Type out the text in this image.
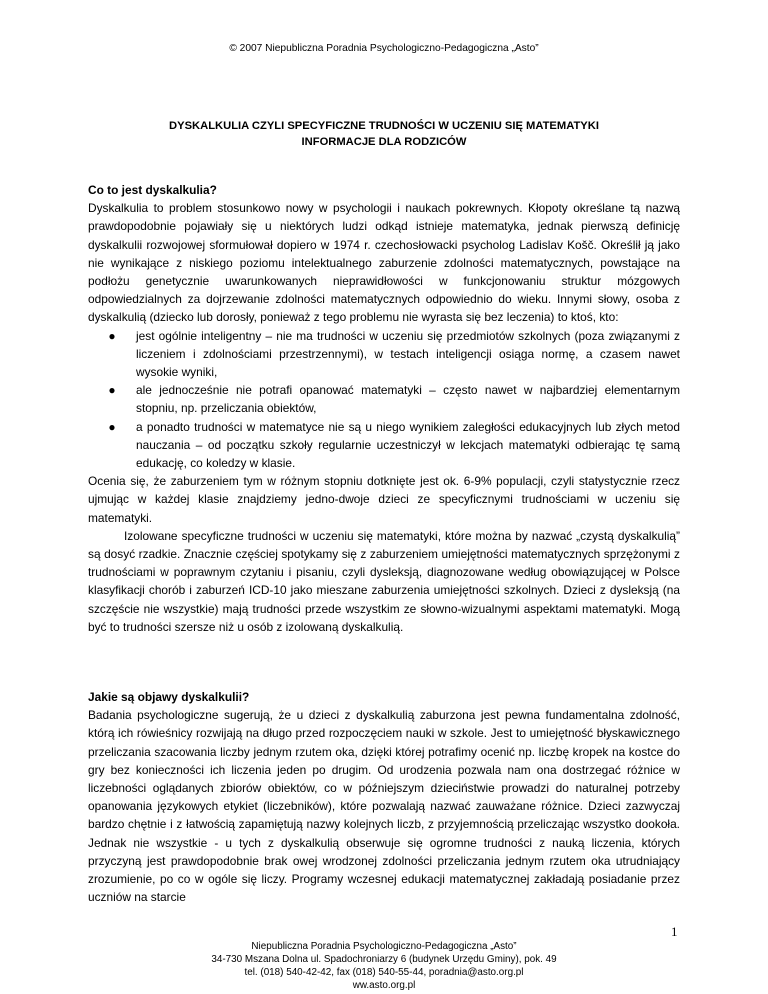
© 2007 Niepubliczna Poradnia Psychologiczno-Pedagogiczna „Asto”
DYSKALKULIA CZYLI SPECYFICZNE TRUDNOŚCI W UCZENIU SIĘ MATEMATYKI
INFORMACJE DLA RODZICÓW
Co to jest dyskalkulia?

Dyskalkulia to problem stosunkowo nowy w psychologii i naukach pokrewnych. Kłopoty określane tą nazwą prawdopodobnie pojawiały się u niektórych ludzi odkąd istnieje matematyka, jednak pierwszą definicję dyskalkulii rozwojowej sformułował dopiero w 1974 r. czechosłowacki psycholog Ladislav Košč. Określił ją jako nie wynikające z niskiego poziomu intelektualnego zaburzenie zdolności matematycznych, powstające na podłożu genetycznie uwarunkowanych nieprawidłowości w funkcjonowaniu struktur mózgowych odpowiedzialnych za dojrzewanie zdolności matematycznych odpowiednio do wieku. Innymi słowy, osoba z dyskalkulią (dziecko lub dorosły, ponieważ z tego problemu nie wyrasta się bez leczenia) to ktoś, kto:

● jest ogólnie inteligentny – nie ma trudności w uczeniu się przedmiotów szkolnych (poza związanymi z liczeniem i zdolnościami przestrzennymi), w testach inteligencji osiąga normę, a czasem nawet wysokie wyniki,
● ale jednocześnie nie potrafi opanować matematyki – często nawet w najbardziej elementarnym stopniu, np. przeliczania obiektów,
● a ponadto trudności w matematyce nie są u niego wynikiem zaległości edukacyjnych lub złych metod nauczania – od początku szkoły regularnie uczestniczył w lekcjach matematyki odbierając tę samą edukację, co koledzy w klasie.

Ocenia się, że zaburzeniem tym w różnym stopniu dotknięte jest ok. 6-9% populacji, czyli statystycznie rzecz ujmując w każdej klasie znajdziemy jedno-dwoje dzieci ze specyficznymi trudnościami w uczeniu się matematyki.

Izolowane specyficzne trudności w uczeniu się matematyki, które można by nazwać „czystą dyskalkulią” są dosyć rzadkie. Znacznie częściej spotykamy się z zaburzeniem umiejętności matematycznych sprzężonymi z trudnościami w poprawnym czytaniu i pisaniu, czyli dysleksją, diagnozowane według obowiązującej w Polsce klasyfikacji chorób i zaburzeń ICD-10 jako mieszane zaburzenia umiejętności szkolnych. Dzieci z dysleksją (na szczęście nie wszystkie) mają trudności przede wszystkim ze słowno-wizualnymi aspektami matematyki. Mogą być to trudności szersze niż u osób z izolowaną dyskalkulią.

Jakie są objawy dyskalkulii?

Badania psychologiczne sugerują, że u dzieci z dyskalkulią zaburzona jest pewna fundamentalna zdolność, którą ich rówieśnicy rozwijają na długo przed rozpoczęciem nauki w szkole. Jest to umiejętność błyskawicznego przeliczania szacowania liczby jednym rzutem oka, dzięki której potrafimy ocenić np. liczbę kropek na kostce do gry bez konieczności ich liczenia jeden po drugim. Od urodzenia pozwala nam ona dostrzegać różnice w liczebności oglądanych zbiorów obiektów, co w późniejszym dzieciństwie prowadzi do naturalnej potrzeby opanowania językowych etykiet (liczebników), które pozwalają nazwać zauważane różnice. Dzieci zazwyczaj bardzo chętnie i z łatwością zapamiętują nazwy kolejnych liczb, z przyjemnością przeliczając wszystko dookoła. Jednak nie wszystkie - u tych z dyskalkulią obserwuje się ogromne trudności z nauką liczenia, których przyczyną jest prawdopodobnie brak owej wrodzonej zdolności przeliczania jednym rzutem oka utrudniający zrozumienie, po co w ogóle się liczy. Programy wczesnej edukacji matematycznej zakładają posiadanie przez uczniów na starcie

1
Niepubliczna Poradnia Psychologiczno-Pedagogiczna „Asto”
34-730 Mszana Dolna ul. Spadochroniarzy 6 (budynek Urzędu Gminy), pok. 49
tel. (018) 540-42-42, fax (018) 540-55-44, poradnia@asto.org.pl
ww.asto.org.pl
